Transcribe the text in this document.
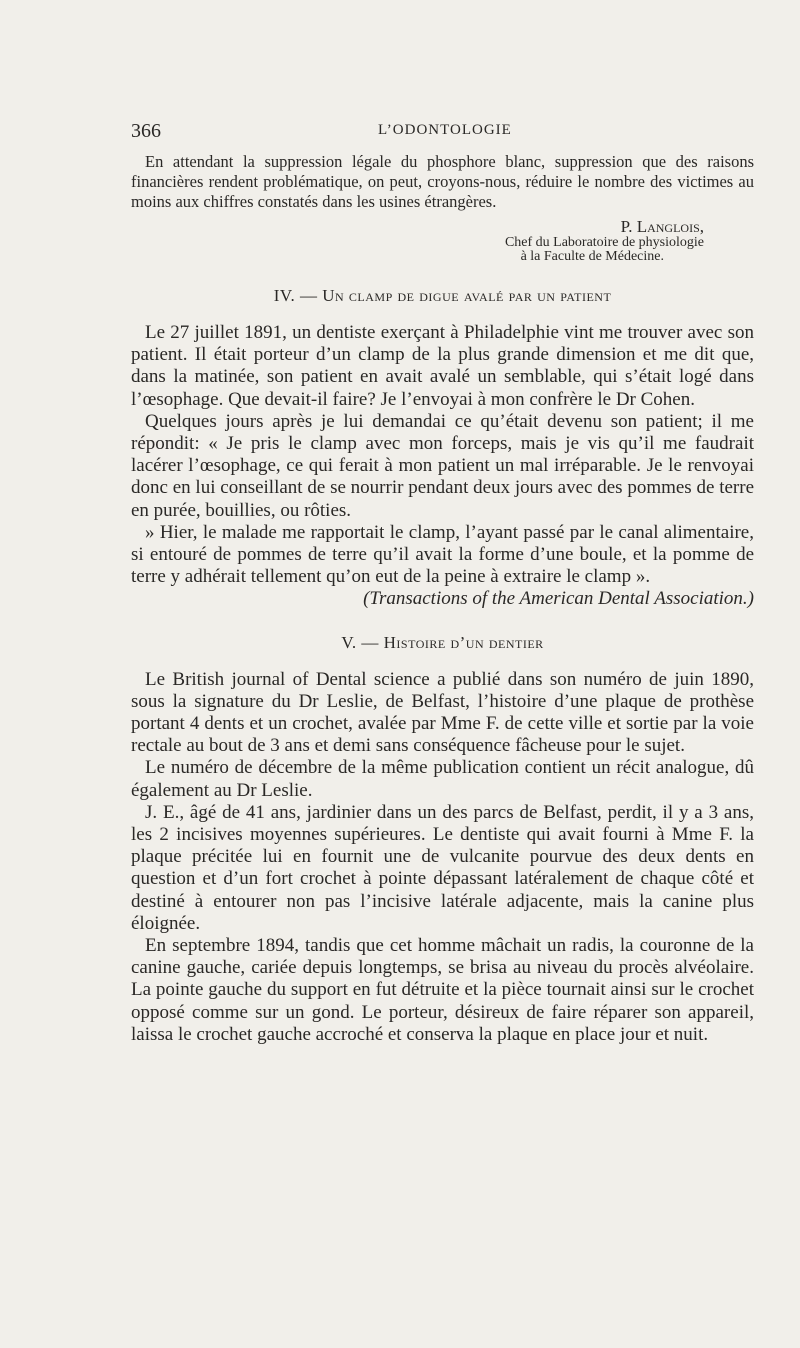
366	L’ODONTOLOGIE

En attendant la suppression légale du phosphore blanc, suppression que des raisons financières rendent problématique, on peut, croyons-nous, réduire le nombre des victimes au moins aux chiffres constatés dans les usines étrangères.

P. Langlois,
Chef du Laboratoire de physiologie
à la Faculte de Médecine.
IV. — Un clamp de digue avalé par un patient

Le 27 juillet 1891, un dentiste exerçant à Philadelphie vint me trouver avec son patient. Il était porteur d’un clamp de la plus grande dimension et me dit que, dans la matinée, son patient en avait avalé un semblable, qui s’était logé dans l’œsophage. Que devait-il faire? Je l’envoyai à mon confrère le Dr Cohen.

Quelques jours après je lui demandai ce qu’était devenu son patient; il me répondit: « Je pris le clamp avec mon forceps, mais je vis qu’il me faudrait lacérer l’œsophage, ce qui ferait à mon patient un mal irréparable. Je le renvoyai donc en lui conseillant de se nourrir pendant deux jours avec des pommes de terre en purée, bouillies, ou rôties.

» Hier, le malade me rapportait le clamp, l’ayant passé par le canal alimentaire, si entouré de pommes de terre qu’il avait la forme d’une boule, et la pomme de terre y adhérait tellement qu’on eut de la peine à extraire le clamp ».

(Transactions of the American Dental Association.)

V. — Histoire d’un dentier

Le British journal of Dental science a publié dans son numéro de juin 1890, sous la signature du Dr Leslie, de Belfast, l’histoire d’une plaque de prothèse portant 4 dents et un crochet, avalée par Mme F. de cette ville et sortie par la voie rectale au bout de 3 ans et demi sans conséquence fâcheuse pour le sujet.

Le numéro de décembre de la même publication contient un récit analogue, dû également au Dr Leslie.

J. E., âgé de 41 ans, jardinier dans un des parcs de Belfast, perdit, il y a 3 ans, les 2 incisives moyennes supérieures. Le dentiste qui avait fourni à Mme F. la plaque précitée lui en fournit une de vulcanite pourvue des deux dents en question et d’un fort crochet à pointe dépassant latéralement de chaque côté et destiné à entourer non pas l’incisive latérale adjacente, mais la canine plus éloignée.

En septembre 1894, tandis que cet homme mâchait un radis, la couronne de la canine gauche, cariée depuis longtemps, se brisa au niveau du procès alvéolaire. La pointe gauche du support en fut détruite et la pièce tournait ainsi sur le crochet opposé comme sur un gond. Le porteur, désireux de faire réparer son appareil, laissa le crochet gauche accroché et conserva la plaque en place jour et nuit.
